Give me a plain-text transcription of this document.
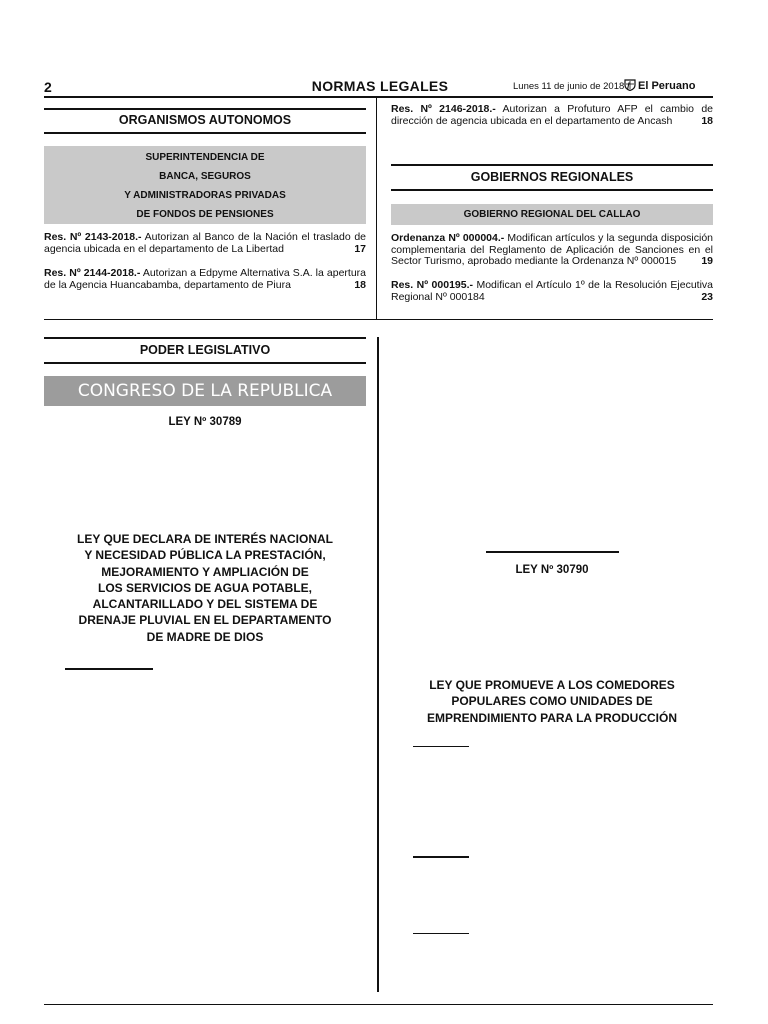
2	NORMAS LEGALES	Lunes 11 de junio de 2018 / El Peruano
ORGANISMOS AUTONOMOS
SUPERINTENDENCIA DE
BANCA, SEGUROS
Y ADMINISTRADORAS PRIVADAS
DE FONDOS DE PENSIONES
Res. Nº 2143-2018.- Autorizan al Banco de la Nación el traslado de agencia ubicada en el departamento de La Libertad	17
Res. Nº 2144-2018.- Autorizan a Edpyme Alternativa S.A. la apertura de la Agencia Huancabamba, departamento de Piura	18
Res. Nº 2146-2018.- Autorizan a Profuturo AFP el cambio de dirección de agencia ubicada en el departamento de Ancash	18
GOBIERNOS REGIONALES
GOBIERNO REGIONAL DEL CALLAO
Ordenanza Nº 000004.- Modifican artículos y la segunda disposición complementaria del Reglamento de Aplicación de Sanciones en el Sector Turismo, aprobado mediante la Ordenanza Nº 000015 19
Res. Nº 000195.- Modifican el Artículo 1º de la Resolución Ejecutiva Regional Nº 000184	23
PODER LEGISLATIVO
CONGRESO DE LA REPUBLICA
LEY Nº 30789
LEY QUE DECLARA DE INTERÉS NACIONAL
Y NECESIDAD PÚBLICA LA PRESTACIÓN,
MEJORAMIENTO Y AMPLIACIÓN DE
LOS SERVICIOS DE AGUA POTABLE,
ALCANTARILLADO Y DEL SISTEMA DE
DRENAJE PLUVIAL EN EL DEPARTAMENTO
DE MADRE DE DIOS
LEY Nº 30790
LEY QUE PROMUEVE A LOS COMEDORES
POPULARES COMO UNIDADES DE
EMPRENDIMIENTO PARA LA PRODUCCIÓN
